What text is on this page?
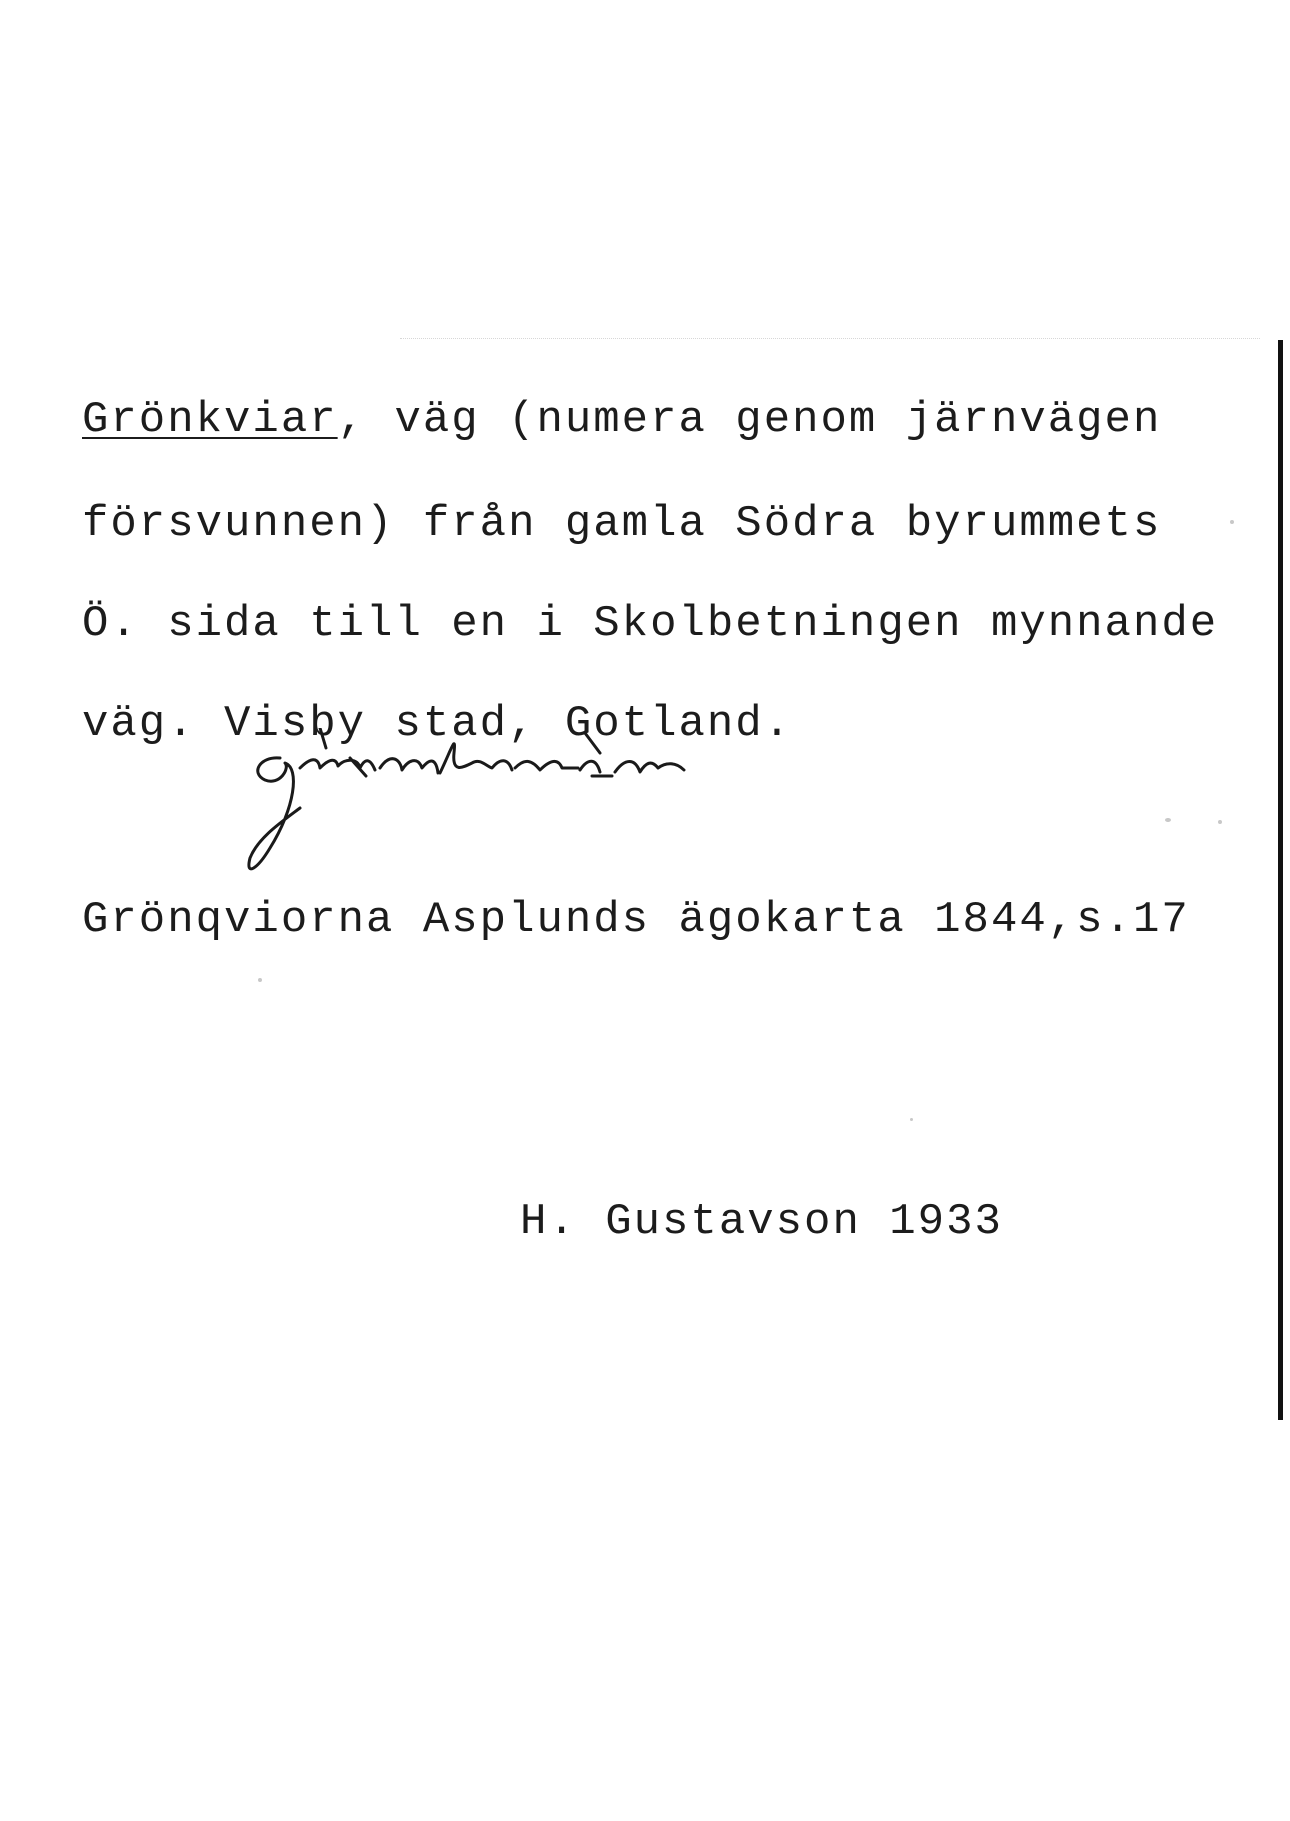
Grönkviar, väg (numera genom järnvägen
försvunnen) från gamla Södra byrummets
Ö. sida till en i Skolbetningen mynnande
väg. Visby stad, Gotland.
Grönqviorna Asplunds ägokarta 1844,s.17
H. Gustavson 1933
